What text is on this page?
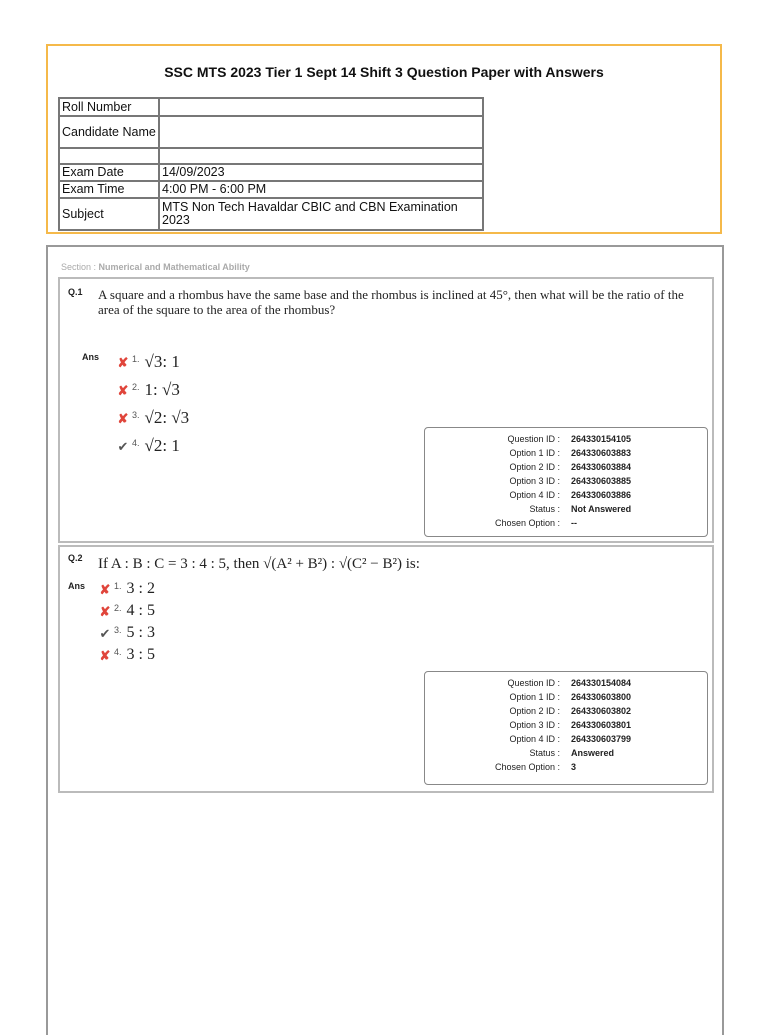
SSC MTS 2023 Tier 1 Sept 14 Shift 3 Question Paper with Answers
Roll Number	
Candidate Name	

Exam Date	14/09/2023
Exam Time	4:00 PM - 6:00 PM
Subject	MTS Non Tech Havaldar CBIC and CBN Examination 2023
Section : Numerical and Mathematical Ability
Q.1 A square and a rhombus have the same base and the rhombus is inclined at 45°, then what will be the ratio of the area of the square to the area of the rhombus?
Ans ✘ 1. √3: 1
✘ 2. 1: √3
✘ 3. √2: √3
✔ 4. √2: 1	Question ID : 264330154105
Option 1 ID : 264330603883
Option 2 ID : 264330603884
Option 3 ID : 264330603885
Option 4 ID : 264330603886
Status : Not Answered
Chosen Option : --
Q.2 If A : B : C = 3 : 4 : 5, then √(A² + B²) : √(C² − B²) is:
Ans ✘ 1. 3 : 2
✘ 2. 4 : 5
✔ 3. 5 : 3
✘ 4. 3 : 5
Question ID : 264330154084
Option 1 ID : 264330603800
Option 2 ID : 264330603802
Option 3 ID : 264330603801
Option 4 ID : 264330603799
Status : Answered
Chosen Option : 3
